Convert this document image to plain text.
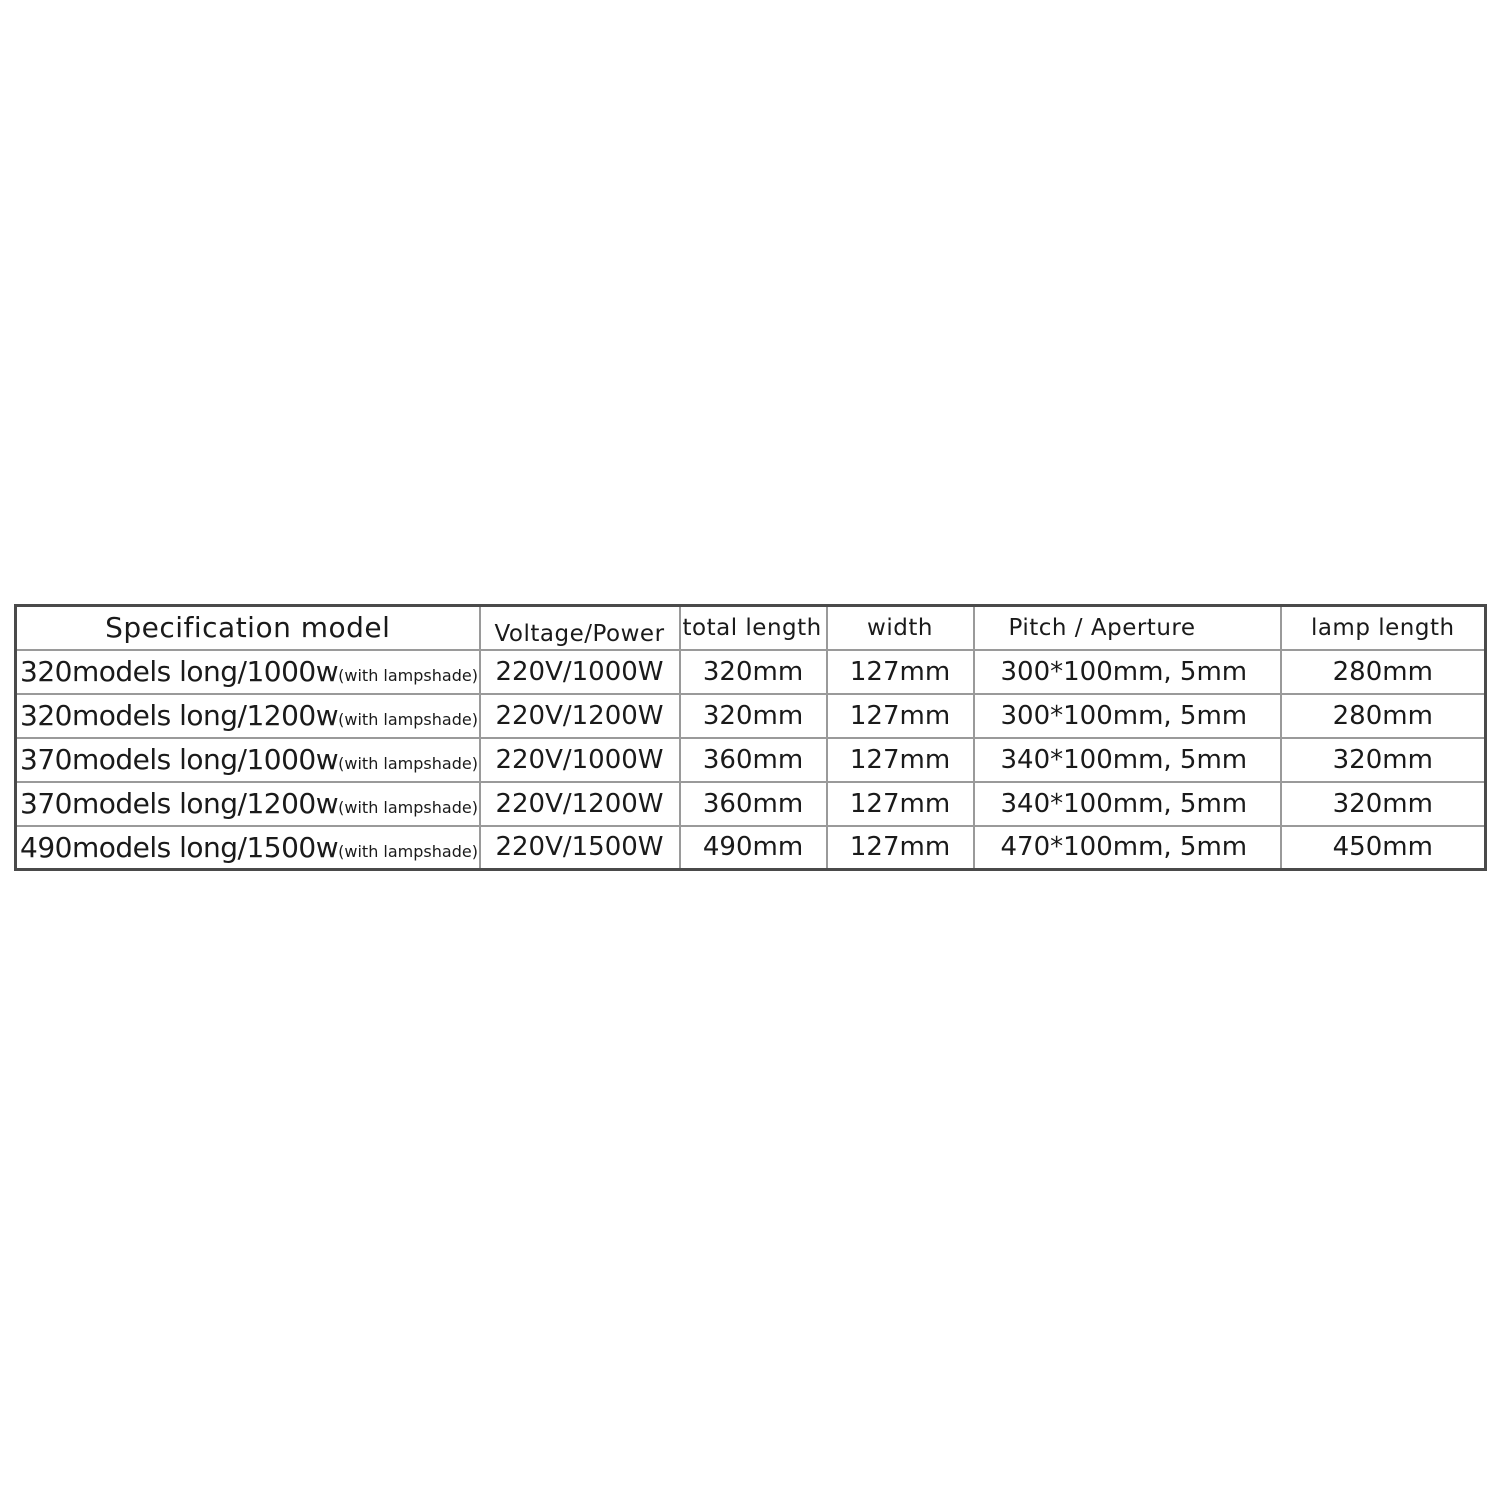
Specification model	Voltage/Power	total length	width	Pitch / Aperture	lamp length
320models long/1000w(with lampshade)	220V/1000W	320mm	127mm	300*100mm, 5mm	280mm
320models long/1200w(with lampshade)	220V/1200W	320mm	127mm	300*100mm, 5mm	280mm
370models long/1000w(with lampshade)	220V/1000W	360mm	127mm	340*100mm, 5mm	320mm
370models long/1200w(with lampshade)	220V/1200W	360mm	127mm	340*100mm, 5mm	320mm
490models long/1500w(with lampshade)	220V/1500W	490mm	127mm	470*100mm, 5mm	450mm
